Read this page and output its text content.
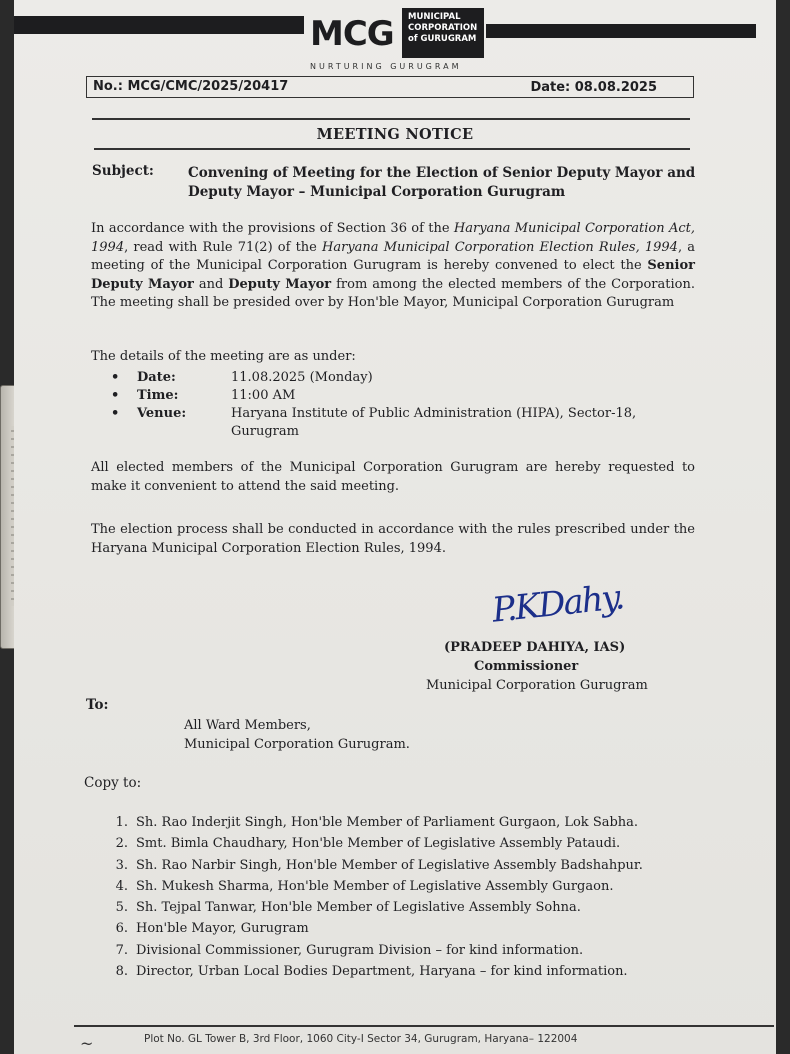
MCG MUNICIPAL
CORPORATION
of GURUGRAM
NURTURING GURUGRAM
No.: MCG/CMC/2025/20417	Date: 08.08.2025
MEETING NOTICE
Subject:	Convening of Meeting for the Election of Senior Deputy Mayor and Deputy Mayor – Municipal Corporation Gurugram
In accordance with the provisions of Section 36 of the Haryana Municipal Corporation Act, 1994, read with Rule 71(2) of the Haryana Municipal Corporation Election Rules, 1994, a meeting of the Municipal Corporation Gurugram is hereby convened to elect the Senior Deputy Mayor and Deputy Mayor from among the elected members of the Corporation. The meeting shall be presided over by Hon'ble Mayor, Municipal Corporation Gurugram
The details of the meeting are as under:
•	Date:	11.08.2025 (Monday)
•	Time:	11:00 AM
•	Venue:	Haryana Institute of Public Administration (HIPA), Sector-18, Gurugram
All elected members of the Municipal Corporation Gurugram are hereby requested to make it convenient to attend the said meeting.
The election process shall be conducted in accordance with the rules prescribed under the Haryana Municipal Corporation Election Rules, 1994.
P.KDahy.
(PRADEEP DAHIYA, IAS)
Commissioner
Municipal Corporation Gurugram
To:
All Ward Members,
Municipal Corporation Gurugram.
Copy to:
1. Sh. Rao Inderjit Singh, Hon'ble Member of Parliament Gurgaon, Lok Sabha.
2. Smt. Bimla Chaudhary, Hon'ble Member of Legislative Assembly Pataudi.
3. Sh. Rao Narbir Singh, Hon'ble Member of Legislative Assembly Badshahpur.
4. Sh. Mukesh Sharma, Hon'ble Member of Legislative Assembly Gurgaon.
5. Sh. Tejpal Tanwar, Hon'ble Member of Legislative Assembly Sohna.
6. Hon'ble Mayor, Gurugram
7. Divisional Commissioner, Gurugram Division – for kind information.
8. Director, Urban Local Bodies Department, Haryana – for kind information.
~	Plot No. GL Tower B, 3rd Floor, 1060 City-I Sector 34, Gurugram, Haryana– 122004
